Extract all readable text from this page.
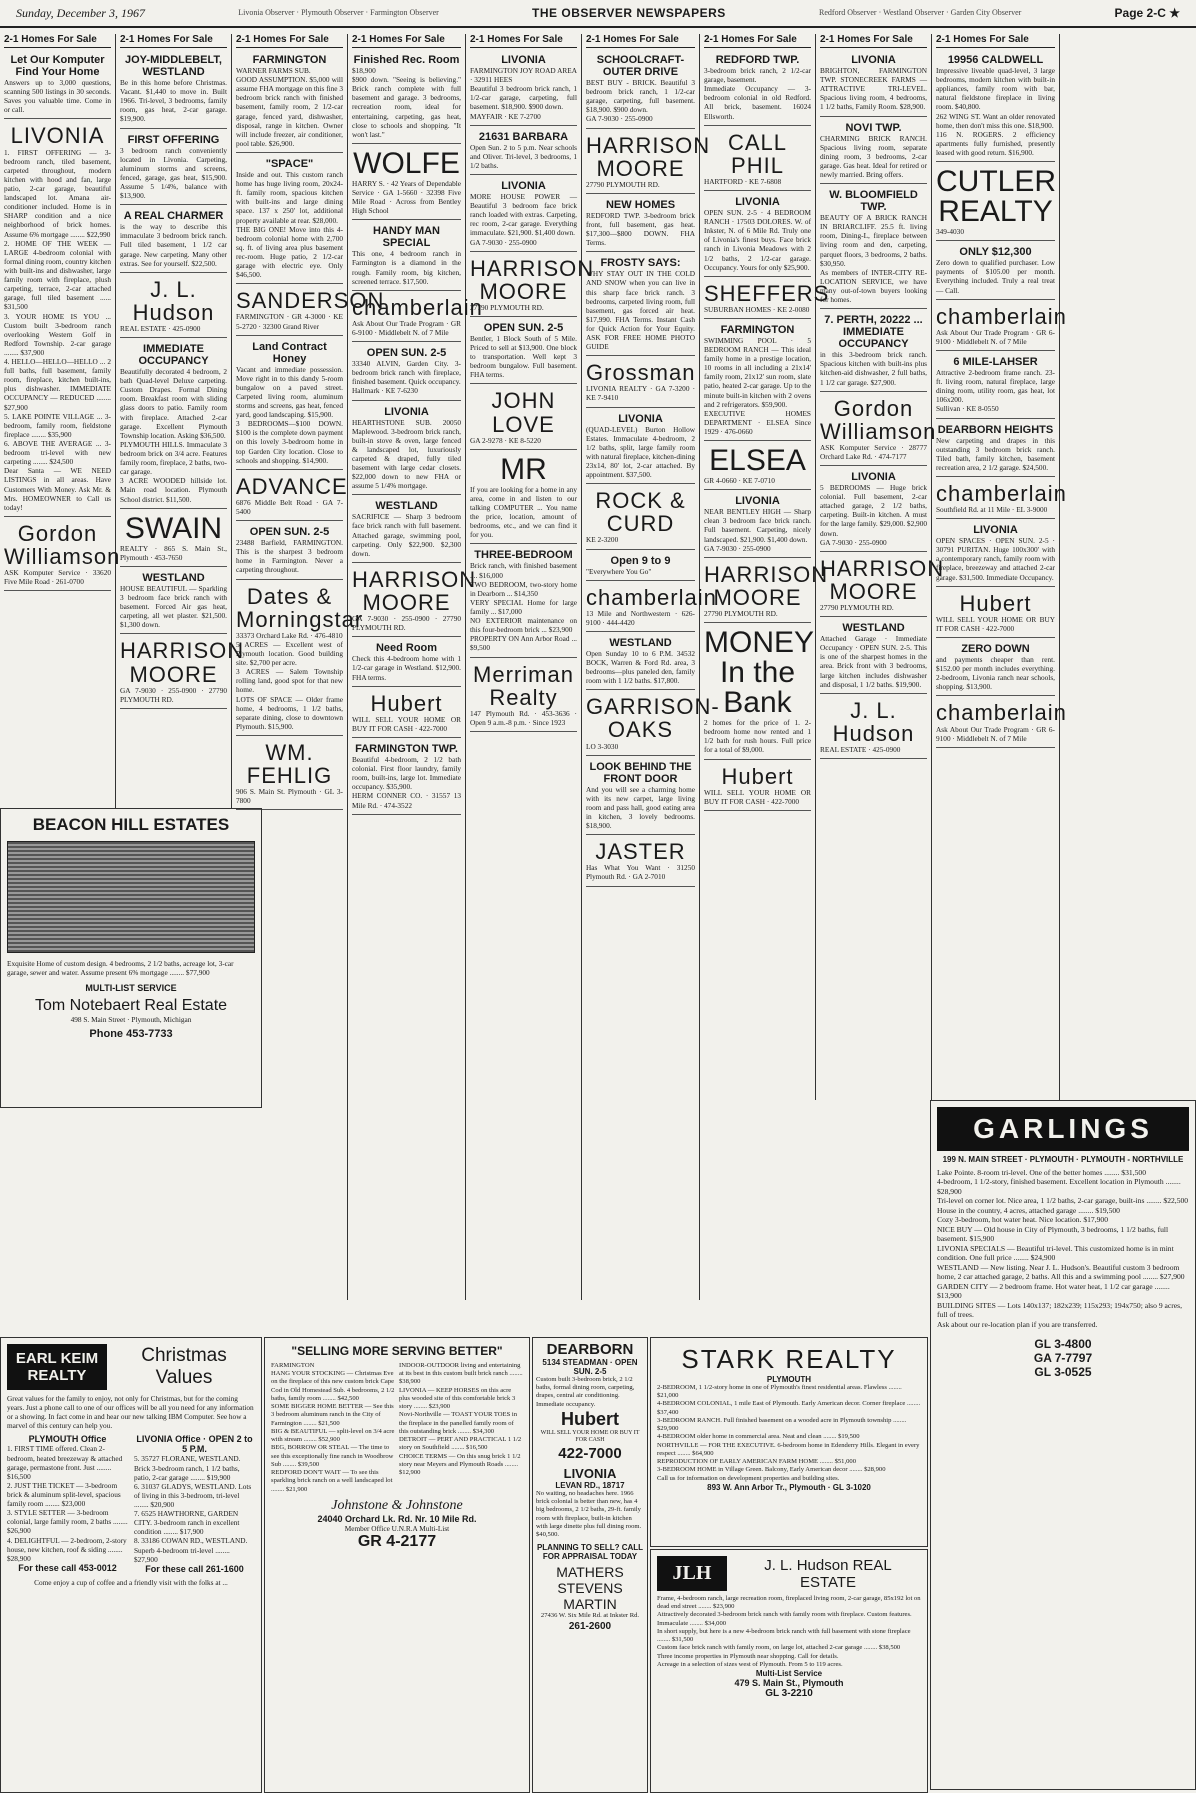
Sunday, December 3, 1967	Livonia Observer · Plymouth Observer · Farmington Observer	THE OBSERVER NEWSPAPERS	Redford Observer · Westland Observer · Garden City Observer	Page 2-C ★
2-1 Homes For Sale
Let Our Komputer Find Your Home
Answers up to 3,000 questions, scanning 500 listings in 30 seconds. Saves you valuable time. Come in or call.
LIVONIA
1. FIRST OFFERING — 3-bedroom ranch, tiled basement, carpeted throughout, modern kitchen with hood and fan, large patio, 2-car garage, beautiful landscaped lot. Amana air-conditioner included. Home is in SHARP condition and a nice neighborhood of brick homes. Assume 6% mortgage ........ $22,990
2. HOME OF THE WEEK — LARGE 4-bedroom colonial with formal dining room, country kitchen with built-ins and dishwasher, large family room with fireplace, plush carpeting, terrace, 2-car attached garage, full tiled basement ...... $31,500
3. YOUR HOME IS YOU ... Custom built 3-bedroom ranch overlooking Western Golf in Redford Township. 2-car garage ........ $37,900
4. HELLO—HELLO—HELLO ... 2 full baths, full basement, family room, fireplace, kitchen built-ins, plus dishwasher. IMMEDIATE OCCUPANCY — REDUCED ........ $27,900
5. LAKE POINTE VILLAGE ... 3-bedroom, family room, fieldstone fireplace ........ $35,900
6. ABOVE THE AVERAGE ... 3-bedroom tri-level with new carpeting ........ $24,500
Dear Santa — WE NEED LISTINGS in all areas. Have Customers With Money. Ask Mr. & Mrs. HOMEOWNER to Call us today!
Gordon Williamson
ASK Komputer Service · 33620 Five Mile Road · 261-0700
2-1 Homes For Sale
JOY-MIDDLEBELT, WESTLAND
Be in this home before Christmas. Vacant. $1,440 to move in. Built 1966. Tri-level, 3 bedrooms, family room, gas heat, 2-car garage. $19,900.
FIRST OFFERING
3 bedroom ranch conveniently located in Livonia. Carpeting, aluminum storms and screens, fenced, garage, gas heat, $15,900. Assume 5 1/4%, balance with $13,900.
A REAL CHARMER
is the way to describe this immaculate 3 bedroom brick ranch. Full tiled basement, 1 1/2 car garage. New carpeting. Many other extras. See for yourself. $22,500.
J. L. Hudson
REAL ESTATE · 425-0900
IMMEDIATE OCCUPANCY
Beautifully decorated 4 bedroom, 2 bath Quad-level Deluxe carpeting. Custom Drapes. Formal Dining room. Breakfast room with sliding glass doors to patio. Family room with fireplace. Attached 2-car garage. Excellent Plymouth Township location. Asking $36,500.
PLYMOUTH HILLS. Immaculate 3 bedroom brick on 3/4 acre. Features family room, fireplace, 2 baths, two-car garage.
3 ACRE WOODED hillside lot. Main road location. Plymouth School district. $11,500.
SWAIN
REALTY · 865 S. Main St., Plymouth · 453-7650
WESTLAND
HOUSE BEAUTIFUL — Sparkling 3 bedroom face brick ranch with basement. Forced Air gas heat, carpeting, all wet plaster. $21,500. $1,300 down.
HARRISON MOORE
GA 7-9030 · 255-0900 · 27790 PLYMOUTH RD.
2-1 Homes For Sale
FARMINGTON
WARNER FARMS SUB.
GOOD ASSUMPTION. $5,000 will assume FHA mortgage on this fine 3 bedroom brick ranch with finished basement, family room, 2 1/2-car garage, fenced yard, dishwasher, disposal, range in kitchen. Owner will include freezer, air conditioner, pool table. $26,900.
"SPACE"
Inside and out. This custom ranch home has huge living room, 20x24-ft. family room, spacious kitchen with built-ins and large dining space. 137 x 250' lot, additional property available at rear. $28,000.
THE BIG ONE! Move into this 4-bedroom colonial home with 2,700 sq. ft. of living area plus basement rec-room. Huge patio, 2 1/2-car garage with electric eye. Only $46,500.
SANDERSON
FARMINGTON · GR 4-3000 · KE 5-2720 · 32300 Grand River
Land Contract Honey
Vacant and immediate possession. Move right in to this dandy 5-room bungalow on a paved street. Carpeted living room, aluminum storms and screens, gas heat, fenced yard, good landscaping. $15,900.
3 BEDROOMS—$100 DOWN. $100 is the complete down payment on this lovely 3-bedroom home in top Garden City location. Close to schools and shopping. $14,900.
ADVANCE
6876 Middle Belt Road · GA 7-5400
OPEN SUN. 2-5
23488 Barfield, FARMINGTON. This is the sharpest 3 bedroom home in Farmington. Never a carpeting throughout.
Dates & Morningstar
33373 Orchard Lake Rd. · 476-4810
5 ACRES — Excellent west of Plymouth location. Good building site. $2,700 per acre.
3 ACRES — Salem Township rolling land, good spot for that new home.
LOTS OF SPACE — Older frame home, 4 bedrooms, 1 1/2 baths, separate dining, close to downtown Plymouth. $15,900.
WM. FEHLIG
906 S. Main St. Plymouth · GL 3-7800
2-1 Homes For Sale
Finished Rec. Room
$18,900
$900 down. "Seeing is believing." Brick ranch complete with full basement and garage. 3 bedrooms, recreation room, ideal for entertaining, carpeting, gas heat, close to schools and shopping. "It won't last."
WOLFE
HARRY S. · 42 Years of Dependable Service · GA 1-5660 · 32398 Five Mile Road · Across from Bentley High School
HANDY MAN SPECIAL
This one, 4 bedroom ranch in Farmington is a diamond in the rough. Family room, big kitchen, screened terrace. $17,500.
chamberlain
Ask About Our Trade Program · GR 6-9100 · Middlebelt N. of 7 Mile
OPEN SUN. 2-5
33340 ALVIN, Garden City. 3-bedroom brick ranch with fireplace, finished basement. Quick occupancy.
Hallmark · KE 7-6230
LIVONIA
HEARTHSTONE SUB. 20050 Maplewood. 3-bedroom brick ranch, built-in stove & oven, large fenced & landscaped lot, luxuriously carpeted & draped, fully tiled basement with large cedar closets. $22,000 down to new FHA or assume 5 1/4% mortgage.
WESTLAND
SACRIFICE — Sharp 3 bedroom face brick ranch with full basement. Attached garage, swimming pool, carpeting. Only $22,900. $2,300 down.
HARRISON MOORE
GA 7-9030 · 255-0900 · 27790 PLYMOUTH RD.
Need Room
Check this 4-bedroom home with 1 1/2-car garage in Westland. $12,900. FHA terms.
Hubert
WILL SELL YOUR HOME OR BUY IT FOR CASH · 422-7000
FARMINGTON TWP.
Beautiful 4-bedroom, 2 1/2 bath colonial. First floor laundry, family room, built-ins, large lot. Immediate occupancy. $35,900.
HERM CONNER CO. · 31557 13 Mile Rd. · 474-3522
2-1 Homes For Sale
LIVONIA
FARMINGTON JOY ROAD AREA · 32911 HEES
Beautiful 3 bedroom brick ranch, 1 1/2-car garage, carpeting, full basement. $18,900. $900 down.
MAYFAIR · KE 7-2700
21631 BARBARA
Open Sun. 2 to 5 p.m. Near schools and Oliver. Tri-level, 3 bedrooms, 1 1/2 baths.
LIVONIA
MORE HOUSE POWER — Beautiful 3 bedroom face brick ranch loaded with extras. Carpeting, rec room, 2-car garage. Everything immaculate. $21,900. $1,400 down.
GA 7-9030 · 255-0900
HARRISON MOORE
27790 PLYMOUTH RD.
OPEN SUN. 2-5
Bentler, 1 Block South of 5 Mile. Priced to sell at $13,900. One block to transportation. Well kept 3 bedroom bungalow. Full basement. FHA terms.
JOHN LOVE
GA 2-9278 · KE 8-5220
MR
If you are looking for a home in any area, come in and listen to our talking COMPUTER ... You name the price, location, amount of bedrooms, etc., and we can find it for you.
THREE-BEDROOM
Brick ranch, with finished basement .... $16,000
TWO BEDROOM, two-story home in Dearborn ... $14,350
VERY SPECIAL Home for large family ... $17,000
NO EXTERIOR maintenance on this four-bedroom brick ... $23,900
PROPERTY ON Ann Arbor Road ... $9,500
Merriman Realty
147 Plymouth Rd. · 453-3636 · Open 9 a.m.-8 p.m. · Since 1923
2-1 Homes For Sale
SCHOOLCRAFT-OUTER DRIVE
BEST BUY - BRICK. Beautiful 3 bedroom brick ranch, 1 1/2-car garage, carpeting, full basement. $18,900. $900 down.
GA 7-9030 · 255-0900
HARRISON MOORE
27790 PLYMOUTH RD.
NEW HOMES
REDFORD TWP. 3-bedroom brick front, full basement, gas heat. $17,300—$800 DOWN. FHA Terms.
FROSTY SAYS:
WHY STAY OUT IN THE COLD AND SNOW when you can live in this sharp face brick ranch. 3 bedrooms, carpeted living room, full basement, gas forced air heat. $17,990. FHA Terms. Instant Cash for Quick Action for Your Equity. ASK FOR FREE HOME PHOTO GUIDE
Grossman
LIVONIA REALTY · GA 7-3200 · KE 7-9410
LIVONIA
(QUAD-LEVEL) Burton Hollow Estates. Immaculate 4-bedroom, 2 1/2 baths, split, large family room with natural fireplace, kitchen-dining 23x14, 80' lot, 2-car attached. By appointment. $37,500.
ROCK & CURD
KE 2-3200
Open 9 to 9
"Everywhere You Go"
chamberlain
13 Mile and Northwestern · 626-9100 · 444-4420
WESTLAND
Open Sunday 10 to 6 P.M. 34532 BOCK, Warren & Ford Rd. area, 3 bedrooms—plus paneled den, family room with 1 1/2 baths. $17,800.
GARRISON-OAKS
LO 3-3030
LOOK BEHIND THE FRONT DOOR
And you will see a charming home with its new carpet, large living room and pass hall, good eating area in kitchen, 3 lovely bedrooms. $18,900.
JASTER
Has What You Want · 31250 Plymouth Rd. · GA 2-7010
2-1 Homes For Sale
REDFORD TWP.
3-bedroom brick ranch, 2 1/2-car garage, basement.
Immediate Occupancy — 3-bedroom colonial in old Redford. All brick, basement. 16024 Ellsworth.
CALL PHIL
HARTFORD · KE 7-6808
LIVONIA
OPEN SUN. 2-5 · 4 BEDROOM RANCH · 17503 DOLORES. W. of Inkster, N. of 6 Mile Rd. Truly one of Livonia's finest buys. Face brick ranch in Livonia Meadows with 2 1/2 baths, 2 1/2-car garage. Occupancy. Yours for only $25,900.
SHEFFERS
SUBURBAN HOMES · KE 2-0080
FARMINGTON
SWIMMING POOL · 5 BEDROOM RANCH — This ideal family home in a prestige location, 10 rooms in all including a 21x14' family room, 21x12' sun room, slate patio, heated 2-car garage. Up to the minute built-in kitchen with 2 ovens and 2 refrigerators. $59,900.
EXECUTIVE HOMES DEPARTMENT · ELSEA Since 1929 · 476-0660
ELSEA
GR 4-0660 · KE 7-0710
LIVONIA
NEAR BENTLEY HIGH — Sharp clean 3 bedroom face brick ranch. Full basement. Carpeting, nicely landscaped. $21,900. $1,400 down.
GA 7-9030 · 255-0900
HARRISON MOORE
27790 PLYMOUTH RD.
MONEY In the Bank
2 homes for the price of 1. 2-bedroom home now rented and 1 1/2 bath for rush hours. Full price for a total of $9,000.
Hubert
WILL SELL YOUR HOME OR BUY IT FOR CASH · 422-7000
2-1 Homes For Sale
LIVONIA
BRIGHTON, FARMINGTON TWP. STONECREEK FARMS — ATTRACTIVE TRI-LEVEL. Spacious living room, 4 bedrooms, 1 1/2 baths, Family Room. $28,900.
NOVI TWP.
CHARMING BRICK RANCH. Spacious living room, separate dining room, 3 bedrooms, 2-car garage. Gas heat. Ideal for retired or newly married. Bring offers.
W. BLOOMFIELD TWP.
BEAUTY OF A BRICK RANCH IN BRIARCLIFF. 25.5 ft. living room, Dining-L, fireplace between living room and den, carpeting, parquet floors, 3 bedrooms, 2 baths. $30,950.
As members of INTER-CITY RE-LOCATION SERVICE, we have many out-of-town buyers looking for homes.
7. PERTH, 20222 ... IMMEDIATE OCCUPANCY
in this 3-bedroom brick ranch. Spacious kitchen with built-ins plus kitchen-aid dishwasher, 2 full baths, 1 1/2 car garage. $27,900.
Gordon Williamson
ASK Komputer Service · 28777 Orchard Lake Rd. · 474-7177
LIVONIA
5 BEDROOMS — Huge brick colonial. Full basement, 2-car attached garage, 2 1/2 baths, carpeting. Built-in kitchen. A must for the large family. $29,000. $2,900 down.
GA 7-9030 · 255-0900
HARRISON MOORE
27790 PLYMOUTH RD.
WESTLAND
Attached Garage · Immediate Occupancy · OPEN SUN. 2-5. This is one of the sharpest homes in the area. Brick front with 3 bedrooms, large kitchen includes dishwasher and disposal, 1 1/2 baths. $19,900.
J. L. Hudson
REAL ESTATE · 425-0900
2-1 Homes For Sale
19956 CALDWELL
Impressive liveable quad-level, 3 large bedrooms, modern kitchen with built-in appliances, family room with bar, natural fieldstone fireplace in living room. $40,800.
262 WING ST. Want an older renovated home, then don't miss this one. $18,900.
116 N. ROGERS. 2 efficiency apartments fully furnished, presently leased with good return. $16,900.
CUTLER REALTY
349-4030
ONLY $12,300
Zero down to qualified purchaser. Low payments of $105.00 per month. Everything included. Truly a real treat — Call.
chamberlain
Ask About Our Trade Program · GR 6-9100 · Middlebelt N. of 7 Mile
6 MILE-LAHSER
Attractive 2-bedroom frame ranch. 23-ft. living room, natural fireplace, large dining room, utility room, gas heat, lot 106x200.
Sullivan · KE 8-0550
DEARBORN HEIGHTS
New carpeting and drapes in this outstanding 3 bedroom brick ranch. Tiled bath, family kitchen, basement recreation area, 2 1/2 garage. $24,500.
chamberlain
Southfield Rd. at 11 Mile · EL 3-9000
LIVONIA
OPEN SPACES · OPEN SUN. 2-5 · 30791 PURITAN. Huge 100x300' with a contemporary ranch, family room with fireplace, breezeway and attached 2-car garage. $31,500. Immediate Occupancy.
Hubert
WILL SELL YOUR HOME OR BUY IT FOR CASH · 422-7000
ZERO DOWN
and payments cheaper than rent. $152.00 per month includes everything. 2-bedroom, Livonia ranch near schools, shopping. $13,900.
chamberlain
Ask About Our Trade Program · GR 6-9100 · Middlebelt N. of 7 Mile
BEACON HILL ESTATES
Exquisite Home of custom design. 4 bedrooms, 2 1/2 baths, acreage lot, 3-car garage, sewer and water. Assume present 6% mortgage ........ $77,900
MULTI-LIST SERVICE
Tom Notebaert Real Estate
498 S. Main Street · Plymouth, Michigan
Phone 453-7733
GARLINGS
199 N. MAIN STREET · PLYMOUTH · PLYMOUTH - NORTHVILLE
Lake Pointe. 8-room tri-level. One of the better homes ........ $31,500
4-bedroom, 1 1/2-story, finished basement. Excellent location in Plymouth ........ $28,900
Tri-level on corner lot. Nice area, 1 1/2 baths, 2-car garage, built-ins ........ $22,500
House in the country, 4 acres, attached garage ........ $19,500
Cozy 3-bedroom, hot water heat. Nice location. $17,900
NICE BUY — Old house in City of Plymouth, 3 bedrooms, 1 1/2 baths, full basement. $15,900
LIVONIA SPECIALS — Beautiful tri-level. This customized home is in mint condition. One full price ........ $24,900
WESTLAND — New listing. Near J. L. Hudson's. Beautiful custom 3 bedroom home, 2 car attached garage, 2 baths. All this and a swimming pool ........ $27,900
GARDEN CITY — 2 bedroom frame. Hot water heat, 1 1/2 car garage ........ $13,900
BUILDING SITES — Lots 140x137; 182x239; 115x293; 194x750; also 9 acres, full of trees.
Ask about our re-location plan if you are transferred.
GL 3-4800
GA 7-7797
GL 3-0525
EARL KEIM REALTY
Christmas Values
Great values for the family to enjoy, not only for Christmas, but for the coming years. Just a phone call to one of our offices will be all you need for any information or a showing. In fact come in and hear our new talking IBM Computer. See how a marvel of this century can help you.
PLYMOUTH Office
1. FIRST TIME offered. Clean 2-bedroom, heated breezeway & attached garage, permastone front. Just ........ $16,500
2. JUST THE TICKET — 3-bedroom brick & aluminum split-level, spacious family room ........ $23,000
3. STYLE SETTER — 3-bedroom colonial, large family room, 2 baths ........ $26,900
4. DELIGHTFUL — 2-bedroom, 2-story house, new kitchen, roof & siding ........ $28,900
For these call 453-0012
LIVONIA Office · OPEN 2 to 5 P.M.
5. 35727 FLORANE, WESTLAND. Brick 3-bedroom ranch, 1 1/2 baths, patio, 2-car garage ........ $19,900
6. 31037 GLADYS, WESTLAND. Lots of living in this 3-bedroom, tri-level ........ $20,900
7. 6525 HAWTHORNE, GARDEN CITY. 3-bedroom ranch in excellent condition ........ $17,900
8. 33186 COWAN RD., WESTLAND. Superb 4-bedroom tri-level ........ $27,900
For these call 261-1600
Come enjoy a cup of coffee and a friendly visit with the folks at ...
"SELLING MORE SERVING BETTER"
FARMINGTON
HANG YOUR STOCKING — Christmas Eve on the fireplace of this new custom brick Cape Cod in Old Homestead Sub. 4 bedrooms, 2 1/2 baths, family room ........ $42,500
SOME BIGGER HOME BETTER — See this 3 bedroom aluminum ranch in the City of Farmington ........ $21,500
BIG & BEAUTIFUL — split-level on 3/4 acre with stream ........ $52,900
BEG, BORROW OR STEAL — The time to see this exceptionally fine ranch in Woodbrow Sub ........ $39,500
REDFORD DON'T WAIT — To see this sparkling brick ranch on a well landscaped lot ........ $21,900
INDOOR-OUTDOOR living and entertaining at its best in this custom built brick ranch ........ $38,900
LIVONIA — KEEP HORSES on this acre plus wooded site of this comfortable brick 3 story ........ $23,900
Novi-Northville — TOAST YOUR TOES in the fireplace in the panelled family room of this outstanding brick ........ $34,300
DETROIT — PERT AND PRACTICAL 1 1/2 story on Southfield ........ $16,500
CHOICE TERMS — On this snug brick 1 1/2 story near Meyers and Plymouth Roads ........ $12,900
Johnstone & Johnstone
24040 Orchard Lk. Rd. Nr. 10 Mile Rd.
Member Office U.N.R.A Multi-List
GR 4-2177
DEARBORN
5134 STEADMAN · OPEN SUN. 2-5
Custom built 3-bedroom brick, 2 1/2 baths, formal dining room, carpeting, drapes, central air conditioning. Immediate occupancy.
Hubert
WILL SELL YOUR HOME OR BUY IT FOR CASH
422-7000
LIVONIA
LEVAN RD., 18717
No waiting, no headaches here. 1966 brick colonial is better than new, has 4 big bedrooms, 2 1/2 baths, 29-ft. family room with fireplace, built-in kitchen with large dinette plus full dining room. $40,500.
PLANNING TO SELL? CALL FOR APPRAISAL TODAY
MATHERS STEVENS MARTIN
27436 W. Six Mile Rd. at Inkster Rd.
261-2600
STARK REALTY
PLYMOUTH
2-BEDROOM, 1 1/2-story home in one of Plymouth's finest residential areas. Flawless ........ $21,000
4-BEDROOM COLONIAL, 1 mile East of Plymouth. Early American decor. Corner fireplace ........ $37,400
3-BEDROOM RANCH. Full finished basement on a wooded acre in Plymouth township ........ $29,900
4-BEDROOM older home in commercial area. Neat and clean ........ $19,500
NORTHVILLE — FOR THE EXECUTIVE. 6-bedroom home in Edenderry Hills. Elegant in every respect ........ $64,900
REPRODUCTION OF EARLY AMERICAN FARM HOME ........ $51,000
3-BEDROOM HOME in Village Green. Balcony, Early American decor ........ $28,900
Call us for information on development properties and building sites.
893 W. Ann Arbor Tr., Plymouth · GL 3-1020
JLH	J. L. Hudson REAL ESTATE
Frame, 4-bedroom ranch, large recreation room, fireplaced living room, 2-car garage, 85x192 lot on dead end street ........ $23,900
Attractively decorated 3-bedroom brick ranch with family room with fireplace. Custom features. Immaculate ........ $34,000
In short supply, but here is a new 4-bedroom brick ranch with full basement with stone fireplace ........ $31,500
Custom face brick ranch with family room, on large lot, attached 2-car garage ........ $38,500
Three income properties in Plymouth near shopping. Call for details.
Acreage in a selection of sizes west of Plymouth. From 5 to 119 acres.
Multi-List Service
479 S. Main St., Plymouth
GL 3-2210
